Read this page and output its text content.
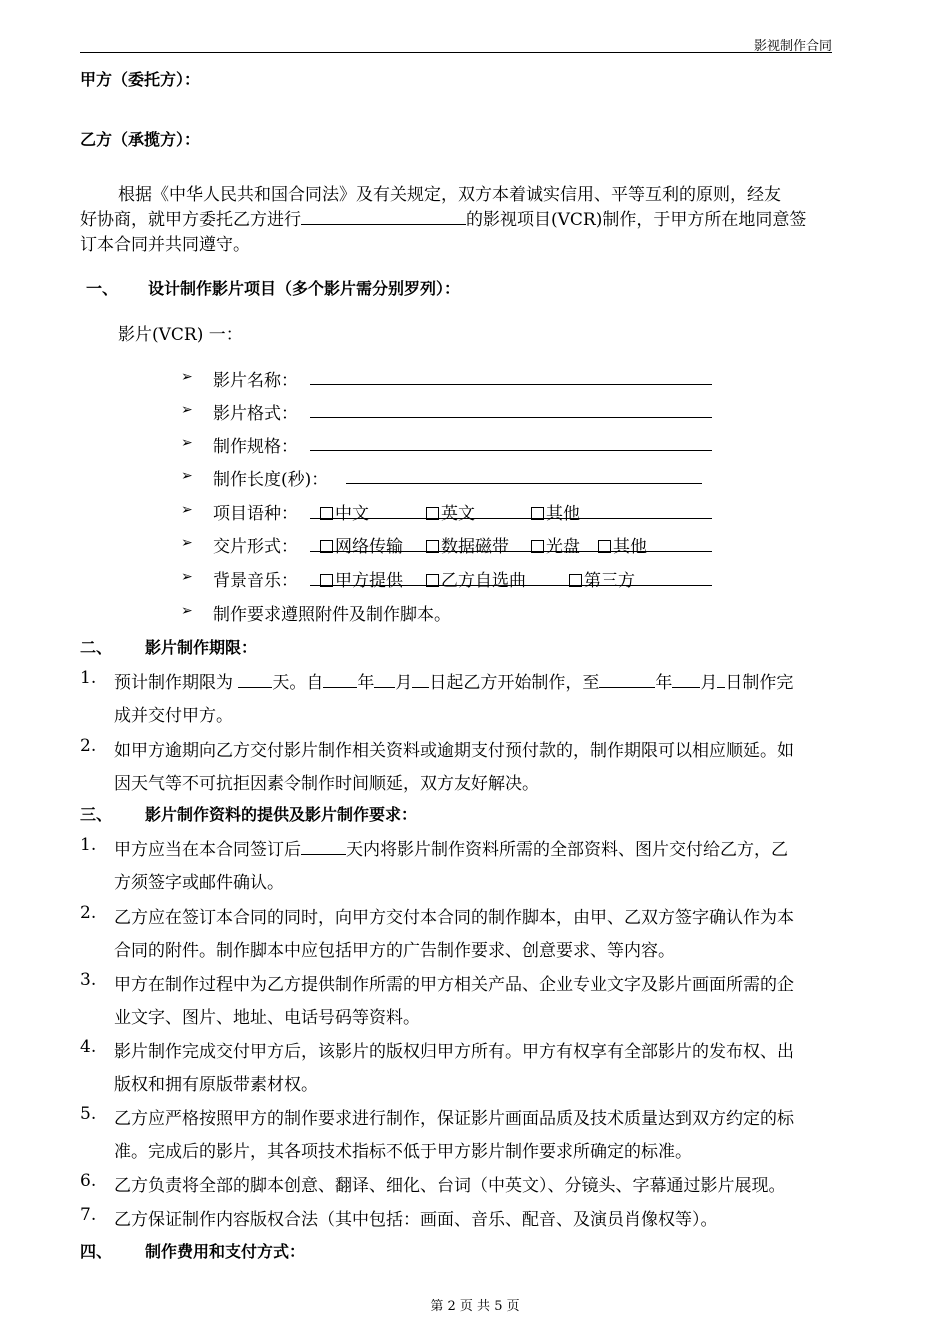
影视制作合同
甲方（委托方）：
乙方（承揽方）：
根据《中华人民共和国合同法》及有关规定，双方本着诚实信用、平等互利的原则，经友
好协商，就甲方委托乙方进行	的影视项目(VCR)制作，于甲方所在地同意签
订本合同并共同遵守。
一、 设计制作影片项目（多个影片需分别罗列）：
影片(VCR) 一：
➢ 影片名称：
➢ 影片格式：
➢ 制作规格：
➢ 制作长度(秒)：
➢ 项目语种：	中文	英文	其他
➢ 交片形式：	网络传输	数据磁带	光盘	其他
➢ 背景音乐：	甲方提供	乙方自选曲	第三方
➢ 制作要求遵照附件及制作脚本。
二、 影片制作期限：
1. 预计制作期限为 天。自 年 月 日起乙方开始制作，至	年 月 日制作完
成并交付甲方。
2. 如甲方逾期向乙方交付影片制作相关资料或逾期支付预付款的，制作期限可以相应顺延。如
因天气等不可抗拒因素令制作时间顺延，双方友好解决。
三、 影片制作资料的提供及影片制作要求：
1. 甲方应当在本合同签订后	天内将影片制作资料所需的全部资料、图片交付给乙方，乙
方须签字或邮件确认。
2. 乙方应在签订本合同的同时，向甲方交付本合同的制作脚本，由甲、乙双方签字确认作为本
合同的附件。制作脚本中应包括甲方的广告制作要求、创意要求、等内容。
3. 甲方在制作过程中为乙方提供制作所需的甲方相关产品、企业专业文字及影片画面所需的企
业文字、图片、地址、电话号码等资料。
4. 影片制作完成交付甲方后，该影片的版权归甲方所有。甲方有权享有全部影片的发布权、出
版权和拥有原版带素材权。
5. 乙方应严格按照甲方的制作要求进行制作，保证影片画面品质及技术质量达到双方约定的标
准。完成后的影片，其各项技术指标不低于甲方影片制作要求所确定的标准。
6. 乙方负责将全部的脚本创意、翻译、细化、台词（中英文）、分镜头、字幕通过影片展现。
7. 乙方保证制作内容版权合法（其中包括：画面、音乐、配音、及演员肖像权等）。
四、 制作费用和支付方式：
第 2 页 共 5 页
